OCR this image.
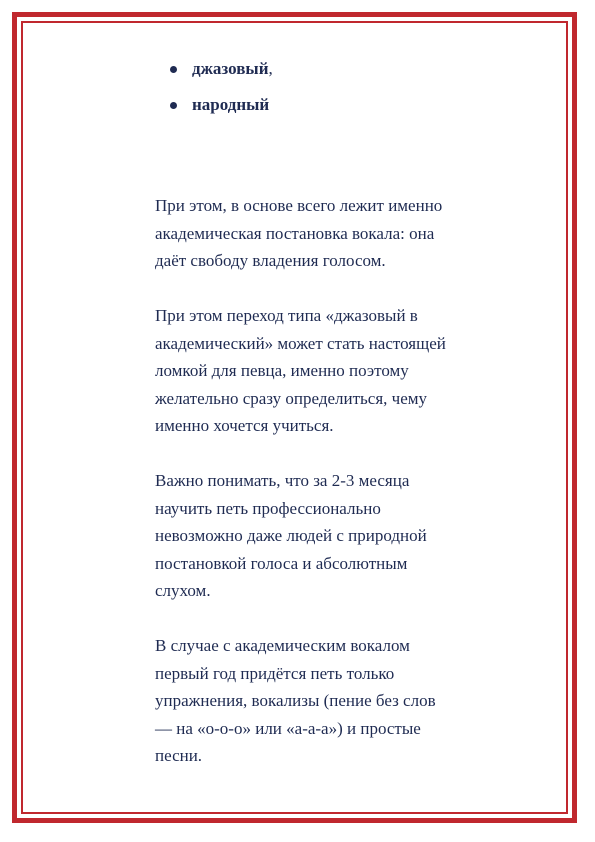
джазовый,
народный

При этом, в основе всего лежит именно
академическая постановка вокала: она
даёт свободу владения голосом.

При этом переход типа «джазовый в
академический» может стать настоящей
ломкой для певца, именно поэтому
желательно сразу определиться, чему
именно хочется учиться.

Важно понимать, что за 2-3 месяца
научить петь профессионально
невозможно даже людей с природной
постановкой голоса и абсолютным
слухом.

В случае с академическим вокалом
первый год придётся петь только
упражнения, вокализы (пение без слов
— на «о-о-о» или «а-а-а») и простые
песни.
